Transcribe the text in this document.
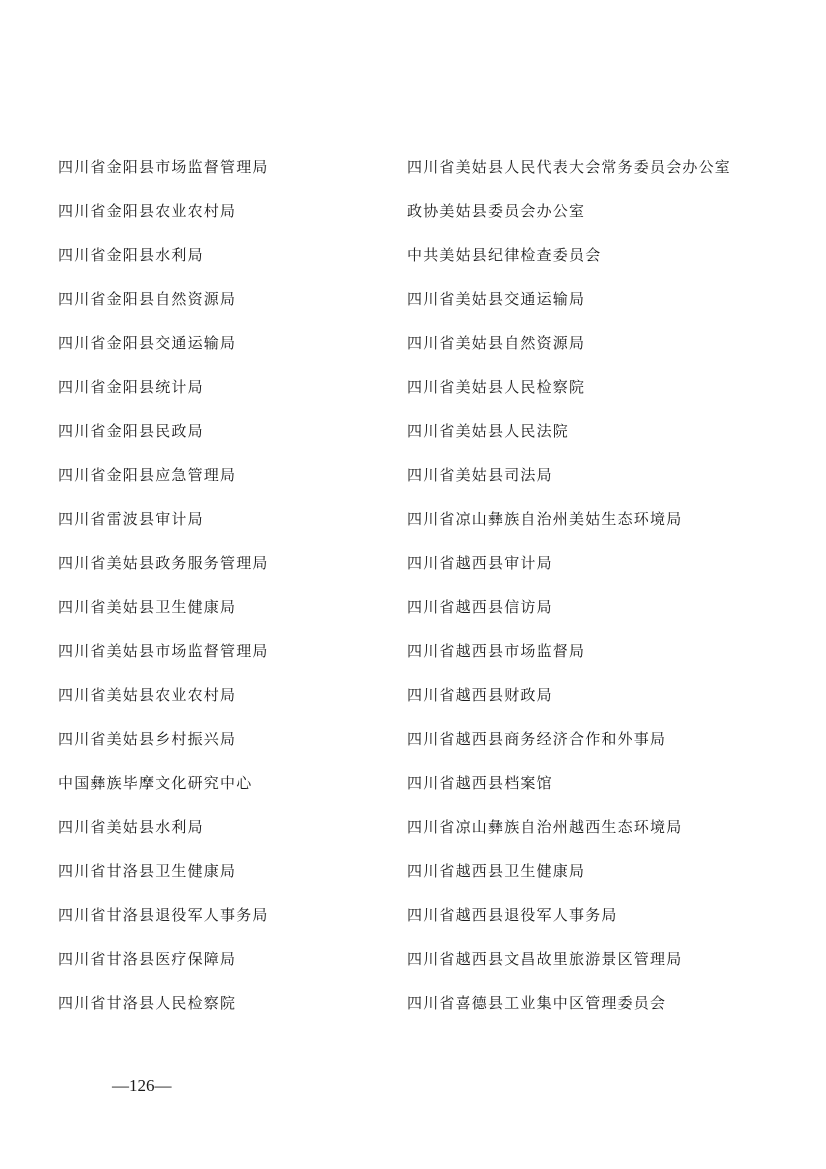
四川省金阳县市场监督管理局
四川省金阳县农业农村局
四川省金阳县水利局
四川省金阳县自然资源局
四川省金阳县交通运输局
四川省金阳县统计局
四川省金阳县民政局
四川省金阳县应急管理局
四川省雷波县审计局
四川省美姑县政务服务管理局
四川省美姑县卫生健康局
四川省美姑县市场监督管理局
四川省美姑县农业农村局
四川省美姑县乡村振兴局
中国彝族毕摩文化研究中心
四川省美姑县水利局
四川省甘洛县卫生健康局
四川省甘洛县退役军人事务局
四川省甘洛县医疗保障局
四川省甘洛县人民检察院
四川省美姑县人民代表大会常务委员会办公室
政协美姑县委员会办公室
中共美姑县纪律检查委员会
四川省美姑县交通运输局
四川省美姑县自然资源局
四川省美姑县人民检察院
四川省美姑县人民法院
四川省美姑县司法局
四川省凉山彝族自治州美姑生态环境局
四川省越西县审计局
四川省越西县信访局
四川省越西县市场监督局
四川省越西县财政局
四川省越西县商务经济合作和外事局
四川省越西县档案馆
四川省凉山彝族自治州越西生态环境局
四川省越西县卫生健康局
四川省越西县退役军人事务局
四川省越西县文昌故里旅游景区管理局
四川省喜德县工业集中区管理委员会
—126—
